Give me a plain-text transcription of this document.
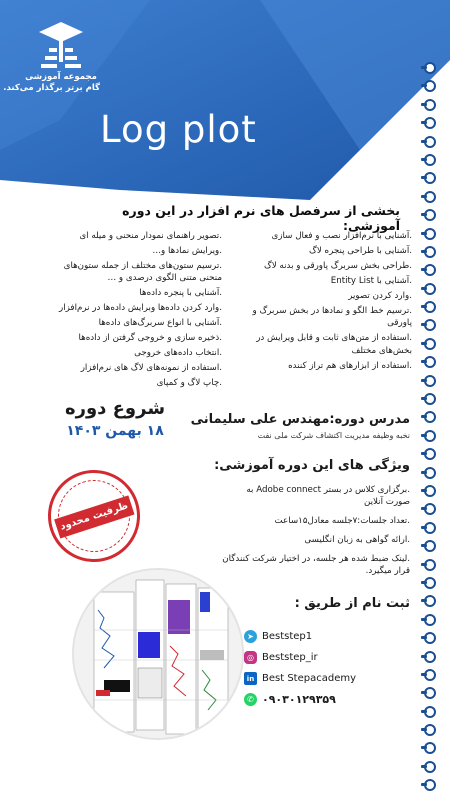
مجموعه آموزشی
گام برتر برگذار می‌کند.
Log plot
بخشی از سرفصل های نرم افزار در این دوره آموزشی:
.آشنایی با نرم‌افزار نصب و فعال سازی
.آشنایی با طراحی پنجره لاگ
.طراحی بخش سربرگ پاورقی و بدنه لاگ
.آشنایی با Entity List
.وارد کردن تصویر
.ترسیم خط الگو و نمادها در بخش سربرگ و پاورقی
.استفاده از متن‌های ثابت و قابل ویرایش در بخش‌های مختلف
.استفاده از ابزارهای هم تراز کننده
.تصویر راهنمای نمودار منحنی و میله ای
.ویرایش نمادها و…
.ترسیم ستون‌های مختلف از جمله ستون‌های منحنی متنی الگوی درصدی و …
.آشنایی با پنجره داده‌ها
.وارد کردن داده‌ها وبرایش داده‌ها در نرم‌افزار
.آشنایی با انواع سربرگ‌های داده‌ها
.ذخیره سازی و خروجی گرفتن از داده‌ها
.انتخاب داده‌های خروجی
.استفاده از نمونه‌های لاگ های نرم‌افزار
.چاپ لاگ و کمپای
شروع دوره
۱۸ بهمن ۱۴۰۳
ظرفیت محدود
مدرس دوره:مهندس علی سلیمانی
نخبه وظیفه مدیریت اکتشاف شرکت ملی نفت
ویژگی های این دوره آموزشی:
.برگزاری کلاس در بستر Adobe connect به صورت آنلاین
.تعداد جلسات:۷جلسه معادل۱۵ساعت
.ارائه گواهی به زبان انگلیسی
.لینک ضبط شده هر جلسه، در اختیار شرکت کنندگان قرار میگیرد.
ثبت نام از طریق :
➤ Beststep1
◎ Beststep_ir
in Best Stepacademy
✆ ۰۹۰۳۰۱۲۹۳۵۹
